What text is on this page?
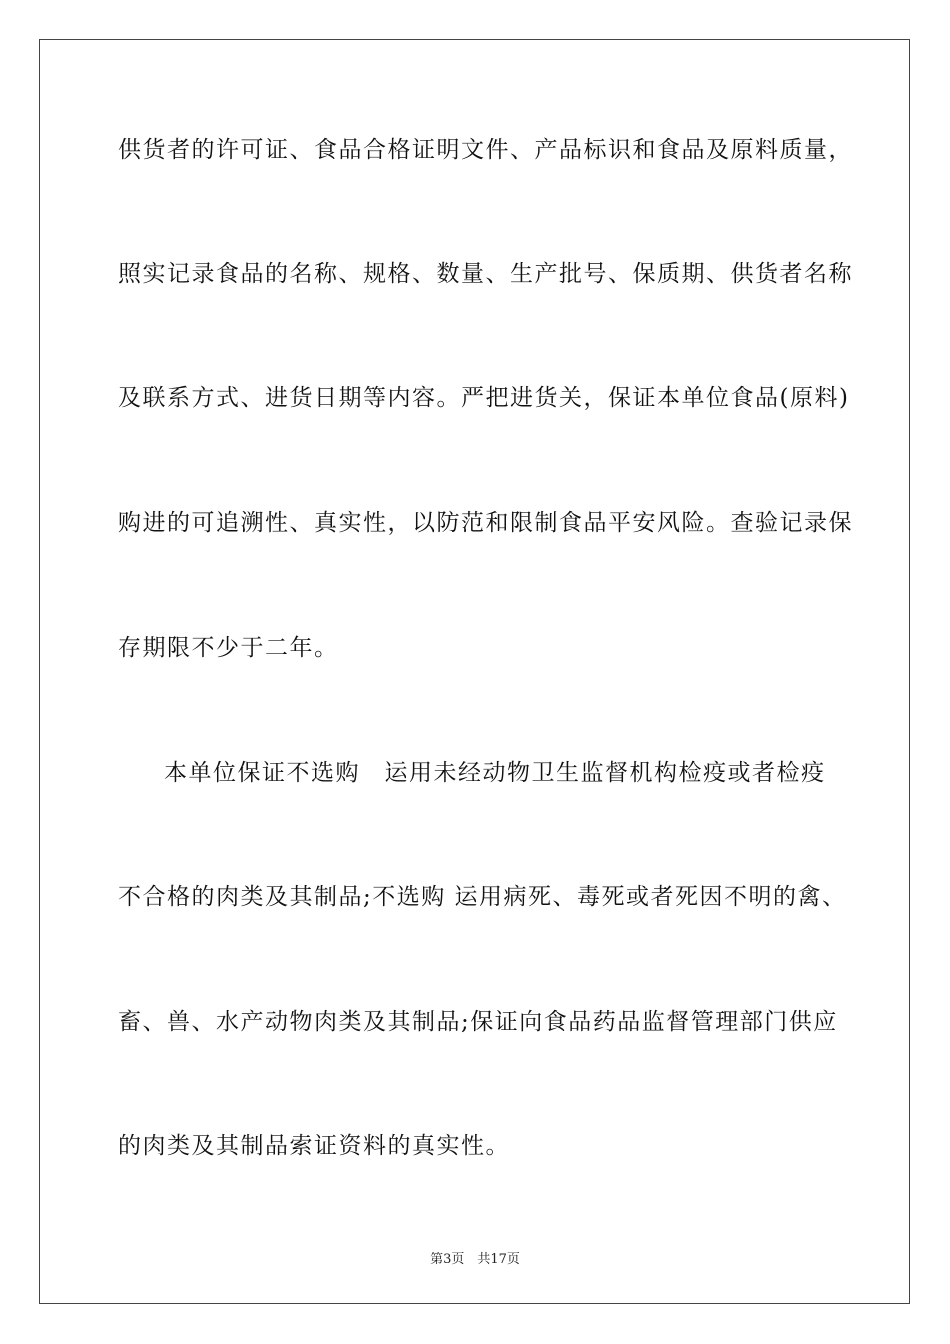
供货者的许可证、食品合格证明文件、产品标识和食品及原料质量，
照实记录食品的名称、规格、数量、生产批号、保质期、供货者名称
及联系方式、进货日期等内容。严把进货关，保证本单位食品(原料)
购进的可追溯性、真实性，以防范和限制食品平安风险。查验记录保
存期限不少于二年。
本单位保证不选购　运用未经动物卫生监督机构检疫或者检疫
不合格的肉类及其制品;不选购 运用病死、毒死或者死因不明的禽、
畜、兽、水产动物肉类及其制品;保证向食品药品监督管理部门供应
的肉类及其制品索证资料的真实性。
第3页　共17页
